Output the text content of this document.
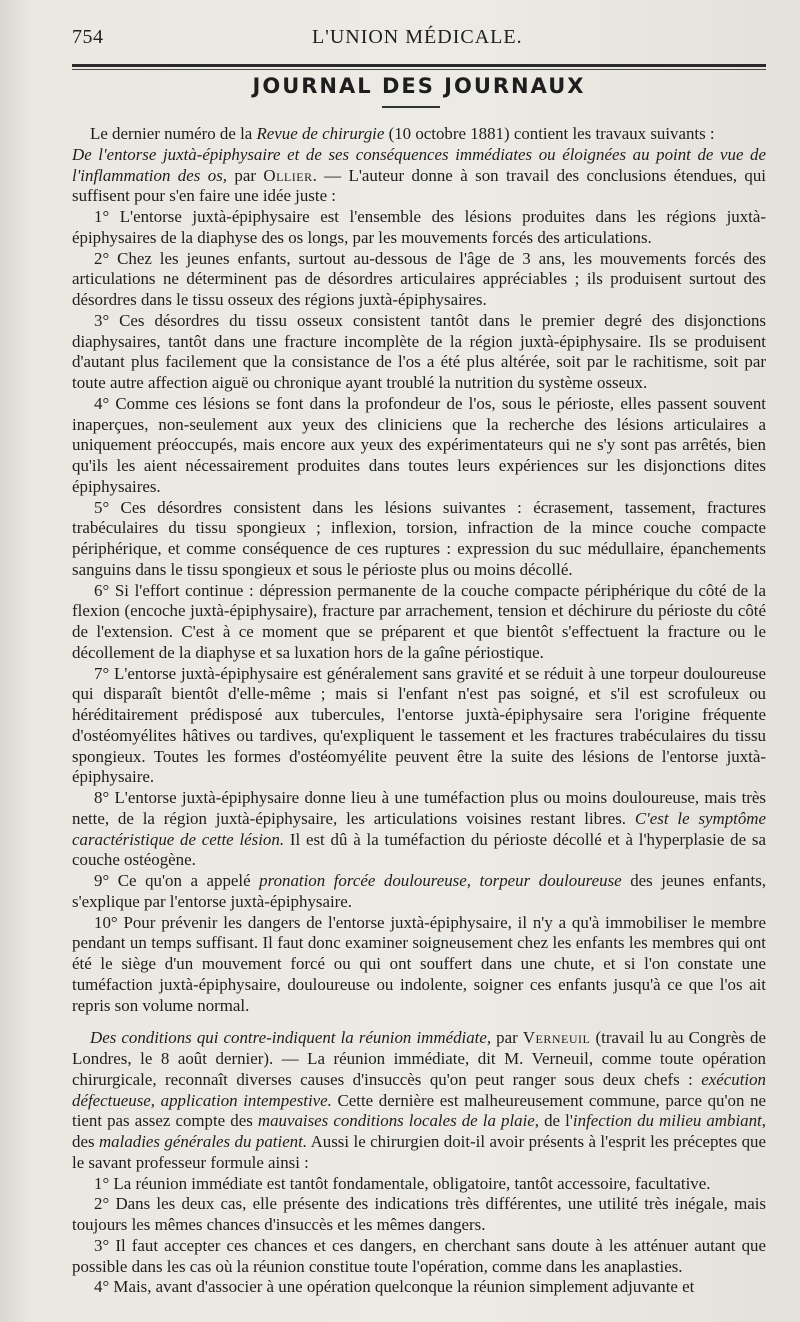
754	L'UNION MÉDICALE.
JOURNAL DES JOURNAUX

Le dernier numéro de la Revue de chirurgie (10 octobre 1881) contient les travaux suivants :

De l'entorse juxtà-épiphysaire et de ses conséquences immédiates ou éloignées au point de vue de l'inflammation des os, par Ollier. — L'auteur donne à son travail des conclusions étendues, qui suffisent pour s'en faire une idée juste :

1° L'entorse juxtà-épiphysaire est l'ensemble des lésions produites dans les régions juxtà-épiphysaires de la diaphyse des os longs, par les mouvements forcés des articulations.

2° Chez les jeunes enfants, surtout au-dessous de l'âge de 3 ans, les mouvements forcés des articulations ne déterminent pas de désordres articulaires appréciables ; ils produisent surtout des désordres dans le tissu osseux des régions juxtà-épiphysaires.

3° Ces désordres du tissu osseux consistent tantôt dans le premier degré des disjonctions diaphysaires, tantôt dans une fracture incomplète de la région juxtà-épiphysaire. Ils se produisent d'autant plus facilement que la consistance de l'os a été plus altérée, soit par le rachitisme, soit par toute autre affection aiguë ou chronique ayant troublé la nutrition du système osseux.

4° Comme ces lésions se font dans la profondeur de l'os, sous le périoste, elles passent souvent inaperçues, non-seulement aux yeux des cliniciens que la recherche des lésions articulaires a uniquement préoccupés, mais encore aux yeux des expérimentateurs qui ne s'y sont pas arrêtés, bien qu'ils les aient nécessairement produites dans toutes leurs expériences sur les disjonctions dites épiphysaires.

5° Ces désordres consistent dans les lésions suivantes : écrasement, tassement, fractures trabéculaires du tissu spongieux ; inflexion, torsion, infraction de la mince couche compacte périphérique, et comme conséquence de ces ruptures : expression du suc médullaire, épanchements sanguins dans le tissu spongieux et sous le périoste plus ou moins décollé.

6° Si l'effort continue : dépression permanente de la couche compacte périphérique du côté de la flexion (encoche juxtà-épiphysaire), fracture par arrachement, tension et déchirure du périoste du côté de l'extension. C'est à ce moment que se préparent et que bientôt s'effectuent la fracture ou le décollement de la diaphyse et sa luxation hors de la gaîne périostique.

7° L'entorse juxtà-épiphysaire est généralement sans gravité et se réduit à une torpeur douloureuse qui disparaît bientôt d'elle-même ; mais si l'enfant n'est pas soigné, et s'il est scrofuleux ou héréditairement prédisposé aux tubercules, l'entorse juxtà-épiphysaire sera l'origine fréquente d'ostéomyélites hâtives ou tardives, qu'expliquent le tassement et les fractures trabéculaires du tissu spongieux. Toutes les formes d'ostéomyélite peuvent être la suite des lésions de l'entorse juxtà-épiphysaire.

8° L'entorse juxtà-épiphysaire donne lieu à une tuméfaction plus ou moins douloureuse, mais très nette, de la région juxtà-épiphysaire, les articulations voisines restant libres. C'est le symptôme caractéristique de cette lésion. Il est dû à la tuméfaction du périoste décollé et à l'hyperplasie de sa couche ostéogène.

9° Ce qu'on a appelé pronation forcée douloureuse, torpeur douloureuse des jeunes enfants, s'explique par l'entorse juxtà-épiphysaire.

10° Pour prévenir les dangers de l'entorse juxtà-épiphysaire, il n'y a qu'à immobiliser le membre pendant un temps suffisant. Il faut donc examiner soigneusement chez les enfants les membres qui ont été le siège d'un mouvement forcé ou qui ont souffert dans une chute, et si l'on constate une tuméfaction juxtà-épiphysaire, douloureuse ou indolente, soigner ces enfants jusqu'à ce que l'os ait repris son volume normal.

Des conditions qui contre-indiquent la réunion immédiate, par Verneuil (travail lu au Congrès de Londres, le 8 août dernier). — La réunion immédiate, dit M. Verneuil, comme toute opération chirurgicale, reconnaît diverses causes d'insuccès qu'on peut ranger sous deux chefs : exécution défectueuse, application intempestive. Cette dernière est malheureusement commune, parce qu'on ne tient pas assez compte des mauvaises conditions locales de la plaie, de l'infection du milieu ambiant, des maladies générales du patient. Aussi le chirurgien doit-il avoir présents à l'esprit les préceptes que le savant professeur formule ainsi :

1° La réunion immédiate est tantôt fondamentale, obligatoire, tantôt accessoire, facultative.

2° Dans les deux cas, elle présente des indications très différentes, une utilité très inégale, mais toujours les mêmes chances d'insuccès et les mêmes dangers.

3° Il faut accepter ces chances et ces dangers, en cherchant sans doute à les atténuer autant que possible dans les cas où la réunion constitue toute l'opération, comme dans les anaplasties.

4° Mais, avant d'associer à une opération quelconque la réunion simplement adjuvante et
